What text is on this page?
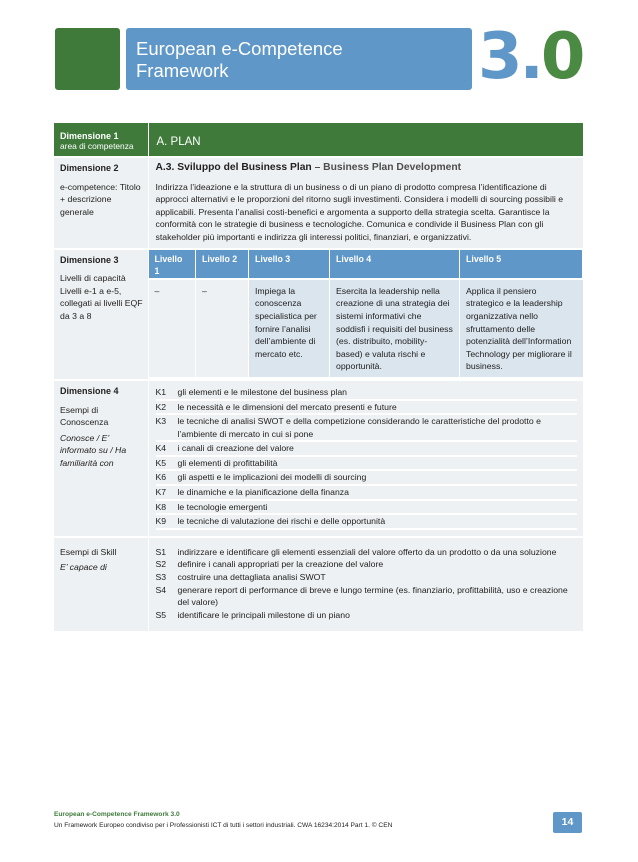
European e-Competence
Framework	3.0
Dimensione 1
area di competenza	A. PLAN

Dimensione 2
e-competence: Titolo + descrizione generale

A.3. Sviluppo del Business Plan – Business Plan Development
Indirizza l’ideazione e la struttura di un business o di un piano di prodotto compresa l’identificazione di approcci alternativi e le proporzioni del ritorno sugli investimenti. Considera i modelli di sourcing possibili e applicabili. Presenta l’analisi costi-benefici e argomenta a supporto della strategia scelta. Garantisce la conformità con le strategie di business e tecnologiche. Comunica e condivide il Business Plan con gli stakeholder più importanti e indirizza gli interessi politici, finanziari, e organizzativi.

Dimensione 3
Livelli di capacità Livelli e-1 a e-5, collegati ai livelli EQF da 3 a 8

Livello 1	Livello 2	Livello 3	Livello 4	Livello 5
–	–	Impiega la conoscenza specialistica per fornire l’analisi dell’ambiente di mercato etc.	Esercita la leadership nella creazione di una strategia dei sistemi informativi che soddisfi i requisiti del business (es. distribuito, mobility-based) e valuta rischi e opportunità.	Applica il pensiero strategico e la leadership organizzativa nello sfruttamento delle potenzialità dell’Information Technology per migliorare il business.

Dimensione 4
Esempi di Conoscenza
Conosce / E’ informato su / Ha familiarità con

K1	gli elementi e le milestone del business plan
K2	le necessità e le dimensioni del mercato presenti e future
K3	le tecniche di analisi SWOT e della competizione considerando le caratteristiche del prodotto e l’ambiente di mercato in cui si pone
K4	i canali di creazione del valore
K5	gli elementi di profittabilità
K6	gli aspetti e le implicazioni dei modelli di sourcing
K7	le dinamiche e la pianificazione della finanza
K8	le tecnologie emergenti
K9	le tecniche di valutazione dei rischi e delle opportunità

Esempi di Skill
E’ capace di

S1	indirizzare e identificare gli elementi essenziali del valore offerto da un prodotto o da una soluzione
S2	definire i canali appropriati per la creazione del valore
S3	costruire una dettagliata analisi SWOT
S4	generare report di performance di breve e lungo termine (es. finanziario, profittabilità, uso e creazione del valore)
S5	identificare le principali milestone di un piano
European e-Competence Framework 3.0
Un Framework Europeo condiviso per i Professionisti ICT di tutti i settori industriali. CWA 16234:2014 Part 1. © CEN	14
